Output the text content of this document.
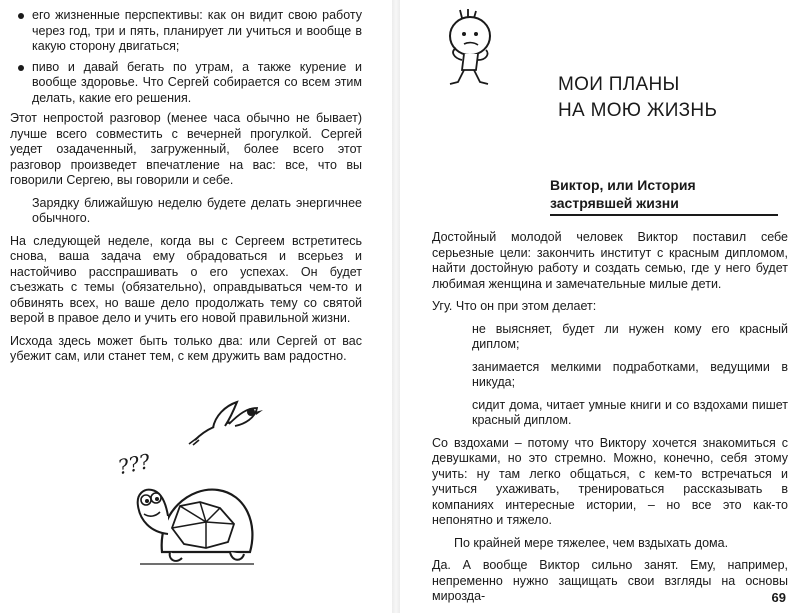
его жизненные перспективы: как он видит свою работу через год, три и пять, планирует ли учиться и вообще в какую сторону двигаться;
пиво и давай бегать по утрам, а также курение и вообще здоровье. Что Сергей собирается со всем этим делать, какие его решения.

Этот непростой разговор (менее часа обычно не бывает) лучше всего совместить с вечерней прогулкой. Сергей уедет озадаченный, загруженный, более всего этот разговор произведет впечатление на вас: все, что вы говорили Сергею, вы говорили и себе.

Зарядку ближайшую неделю будете делать энергичнее обычного.

На следующей неделе, когда вы с Сергеем встретитесь снова, ваша задача ему обрадоваться и всерьез и настойчиво расспрашивать о его успехах. Он будет съезжать с темы (обязательно), оправдываться чем-то и обвинять всех, но ваше дело продолжать тему со святой верой в правое дело и учить его новой правильной жизни.

Исхода здесь может быть только два: или Сергей от вас убежит сам, или станет тем, с кем дружить вам радостно.

???
МОИ ПЛАНЫ
НА МОЮ ЖИЗНЬ
Виктор, или История
застрявшей жизни

Достойный молодой человек Виктор поставил себе серьезные цели: закончить институт с красным дипломом, найти достойную работу и создать семью, где у него будет любимая женщина и замечательные милые дети.

Угу. Что он при этом делает:

не выясняет, будет ли нужен кому его красный диплом;

занимается мелкими подработками, ведущими в никуда;

сидит дома, читает умные книги и со вздохами пишет красный диплом.

Со вздохами – потому что Виктору хочется знакомиться с девушками, но это стремно. Можно, конечно, себя этому учить: ну там легко общаться, с кем-то встречаться и учиться ухаживать, тренироваться рассказывать в компаниях интересные истории, – но все это как-то непонятно и тяжело.

По крайней мере тяжелее, чем вздыхать дома.

Да. А вообще Виктор сильно занят. Ему, например, непременно нужно защищать свои взгляды на основы мирозда-	69
